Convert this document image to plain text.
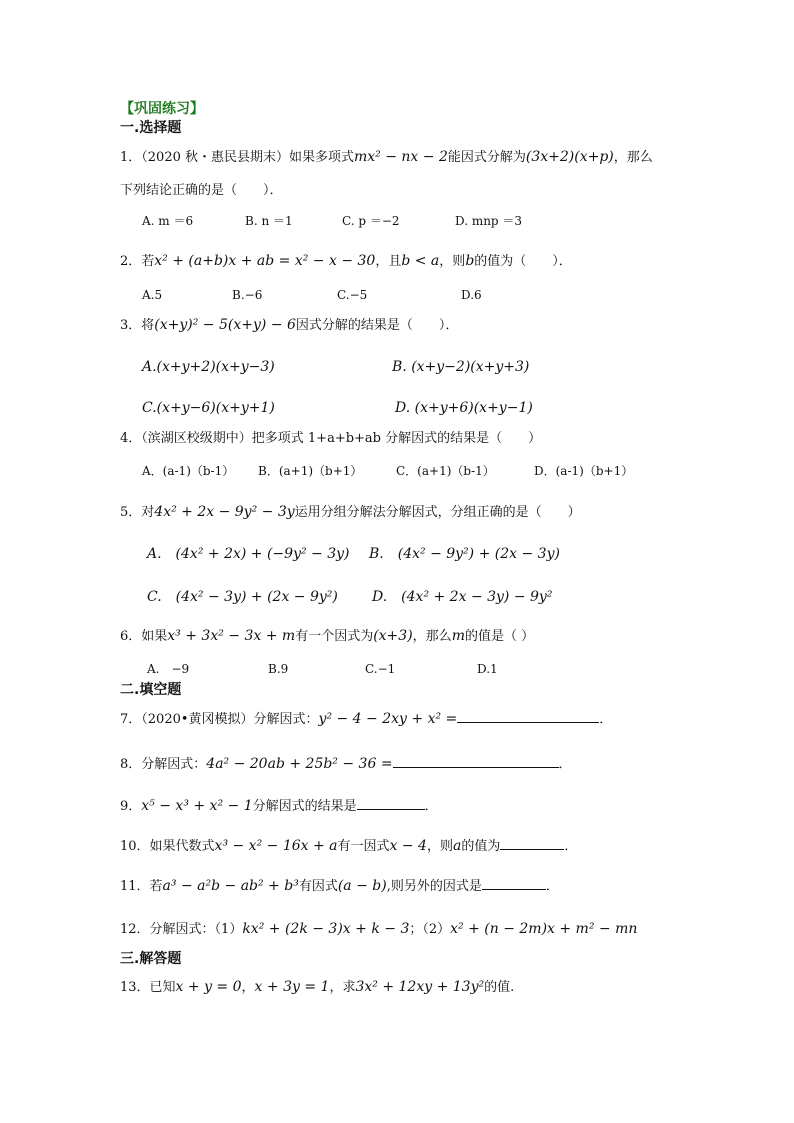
【巩固练习】
一.选择题
1．（2020 秋・惠民县期末）如果多项式mx² − nx − 2能因式分解为(3x+2)(x+p)，那么
下列结论正确的是（　　）．
A. m ＝6	B. n ＝1	C. p ＝−2	D. mnp ＝3
2．若x² + (a+b)x + ab = x² − x − 30，且b < a，则b的值为（　　）．
A.5	B.−6	C.−5	D.6
3．将(x+y)² − 5(x+y) − 6因式分解的结果是（　　）．
A.(x+y+2)(x+y−3)	B. (x+y−2)(x+y+3)
C.(x+y−6)(x+y+1)	D. (x+y+6)(x+y−1)
4．（滨湖区校级期中）把多项式 1+a+b+ab 分解因式的结果是（　　）
A．(a-1)（b-1） B．(a+1)（b+1）	C．(a+1)（b-1）	D．(a-1)（b+1）
5．对4x² + 2x − 9y² − 3y运用分组分解法分解因式，分组正确的是（　　）
A.　(4x² + 2x) + (−9y² − 3y) B.　(4x² − 9y²) + (2x − 3y)
C.　(4x² − 3y) + (2x − 9y²) D.　(4x² + 2x − 3y) − 9y²
6．如果x³ + 3x² − 3x + m有一个因式为(x+3)，那么m的值是（ ）
A.　−9	B.9	C.−1	D.1
二.填空题
7．（2020•黄冈模拟）分解因式：y² − 4 − 2xy + x² =	．
8．分解因式：4a² − 20ab + 25b² − 36 =	．
9．x⁵ − x³ + x² − 1分解因式的结果是	．
10．如果代数式x³ − x² − 16x + a有一因式x − 4，则a的值为	．
11．若a³ − a²b − ab² + b³有因式(a − b),则另外的因式是	．
12．分解因式：（1）kx² + (2k − 3)x + k − 3；（2）x² + (n − 2m)x + m² − mn
三.解答题
13．已知x + y = 0，x + 3y = 1，求3x² + 12xy + 13y²的值.
